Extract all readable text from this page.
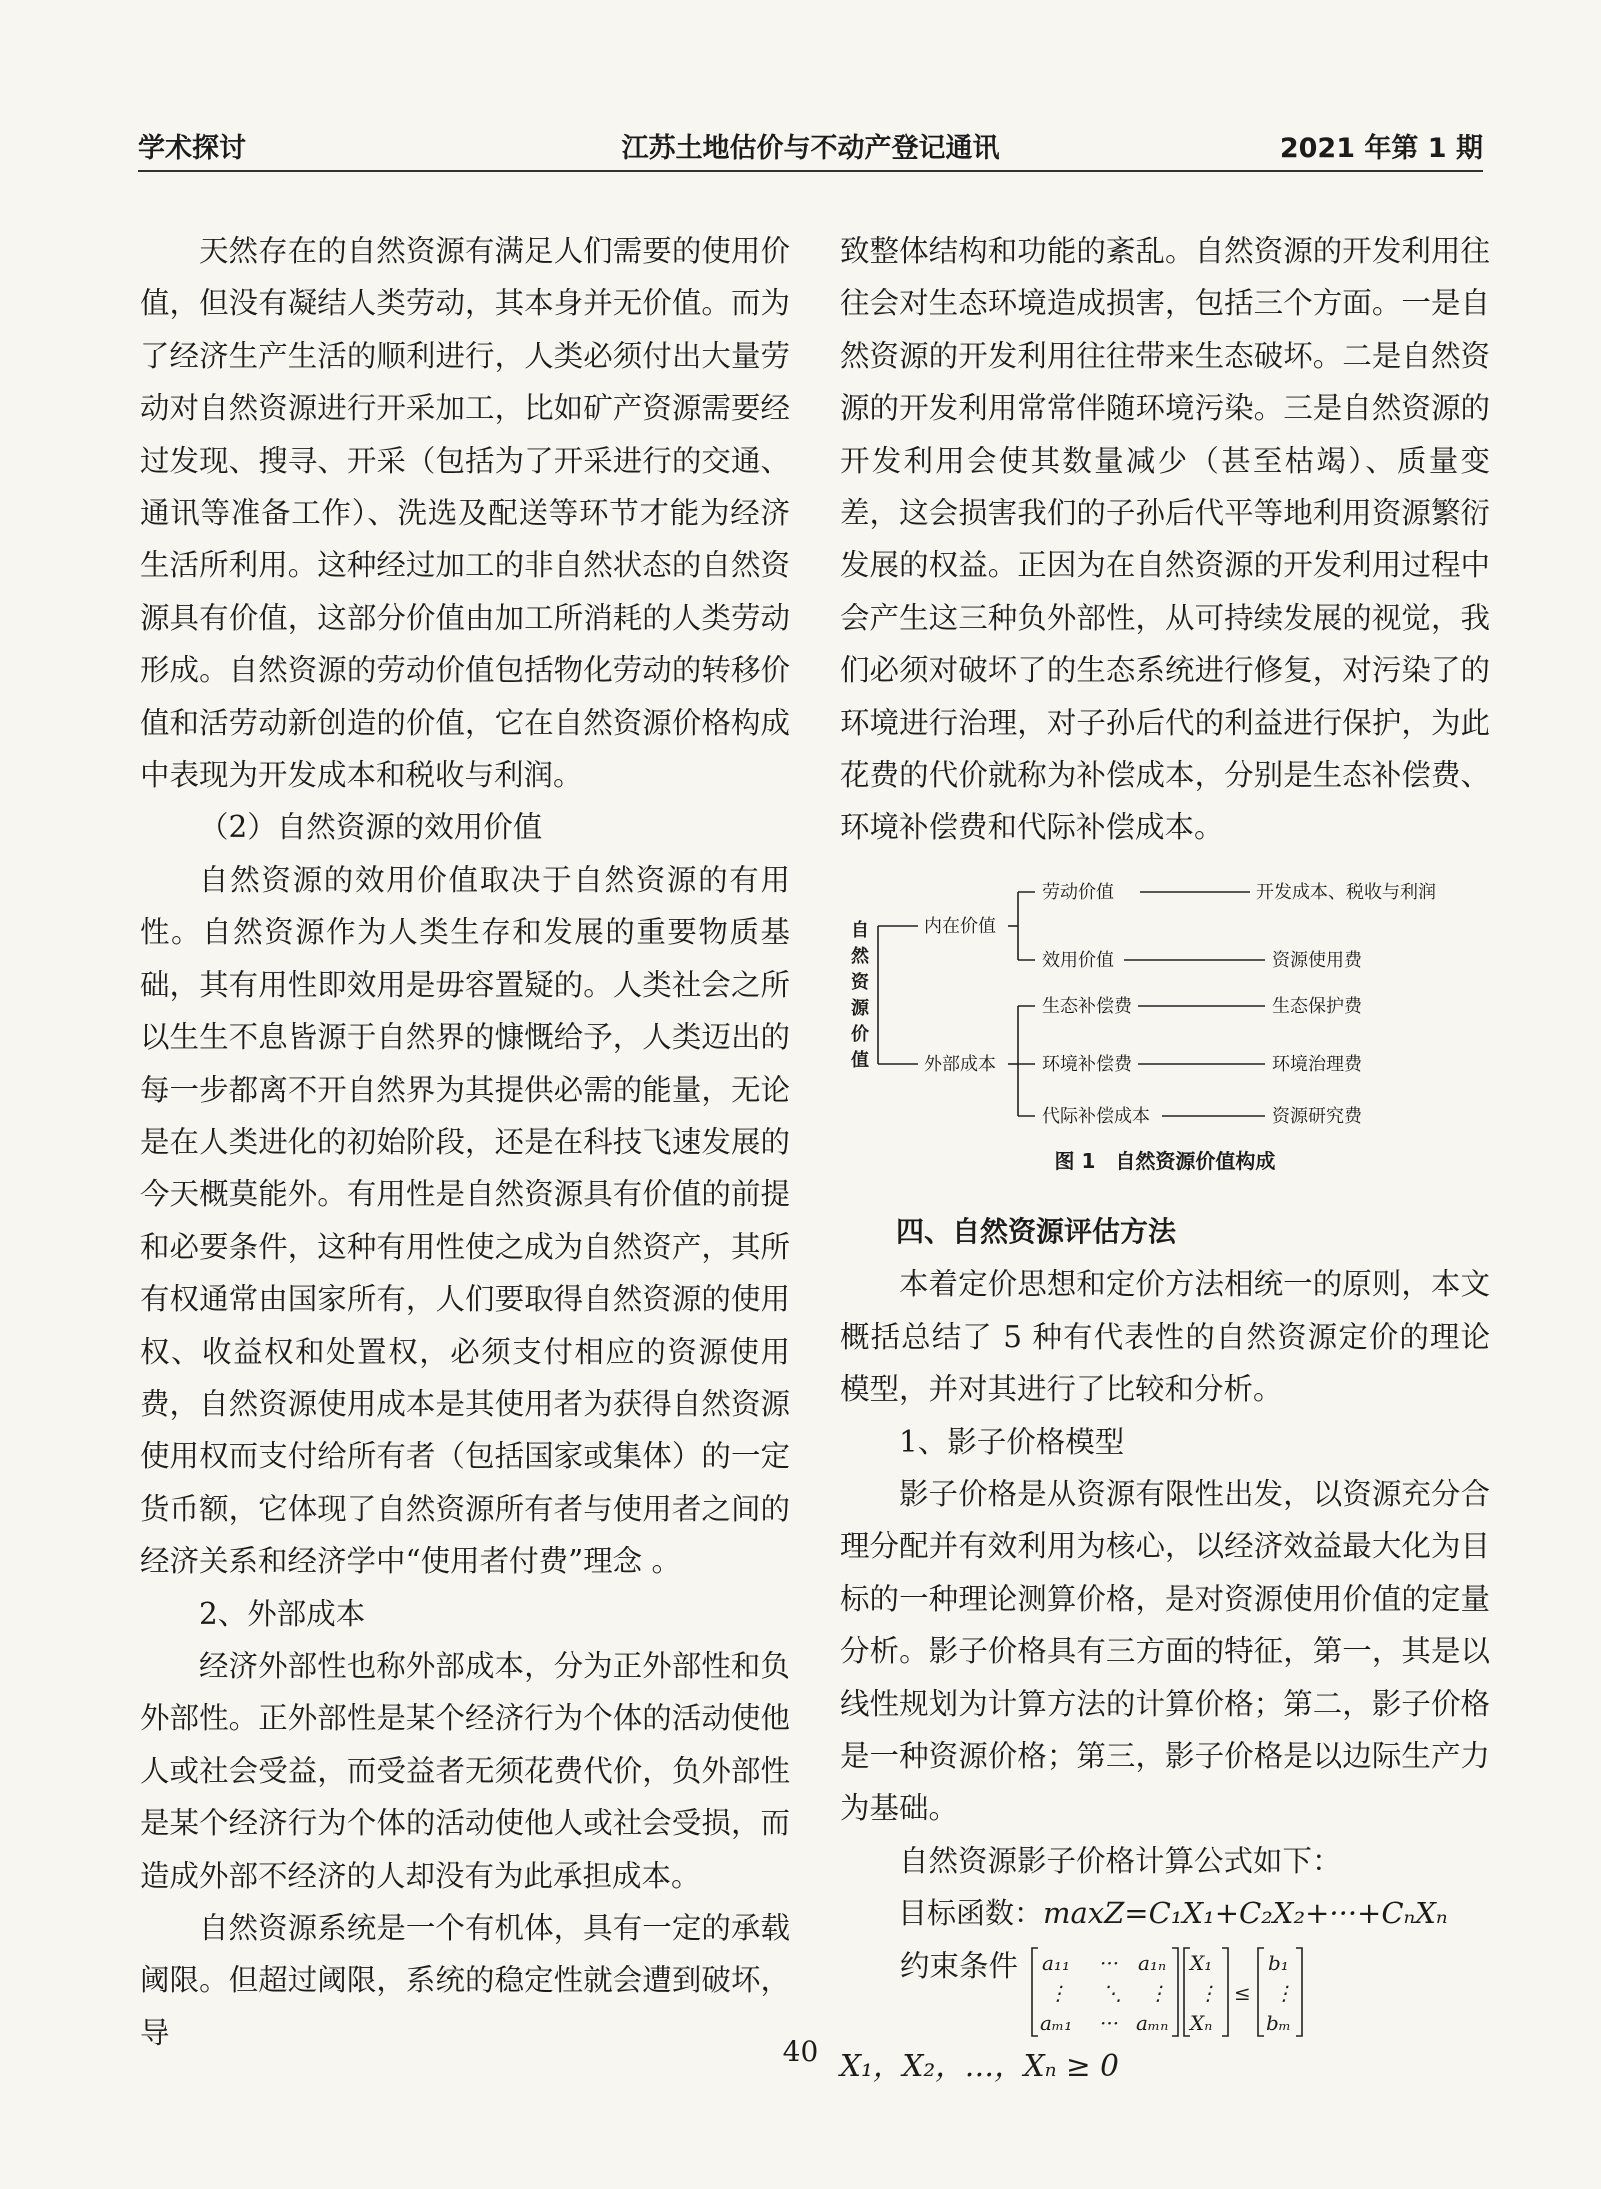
学术探讨	江苏土地估价与不动产登记通讯	2021 年第 1 期

天然存在的自然资源有满足人们需要的使用价值，但没有凝结人类劳动，其本身并无价值。而为了经济生产生活的顺利进行，人类必须付出大量劳动对自然资源进行开采加工，比如矿产资源需要经过发现、搜寻、开采（包括为了开采进行的交通、通讯等准备工作）、洗选及配送等环节才能为经济生活所利用。这种经过加工的非自然状态的自然资源具有价值，这部分价值由加工所消耗的人类劳动形成。自然资源的劳动价值包括物化劳动的转移价值和活劳动新创造的价值，它在自然资源价格构成中表现为开发成本和税收与利润。

（2）自然资源的效用价值

自然资源的效用价值取决于自然资源的有用性。自然资源作为人类生存和发展的重要物质基础，其有用性即效用是毋容置疑的。人类社会之所以生生不息皆源于自然界的慷慨给予，人类迈出的每一步都离不开自然界为其提供必需的能量，无论是在人类进化的初始阶段，还是在科技飞速发展的今天概莫能外。有用性是自然资源具有价值的前提和必要条件，这种有用性使之成为自然资产，其所有权通常由国家所有，人们要取得自然资源的使用权、收益权和处置权，必须支付相应的资源使用费，自然资源使用成本是其使用者为获得自然资源使用权而支付给所有者（包括国家或集体）的一定货币额，它体现了自然资源所有者与使用者之间的经济关系和经济学中“使用者付费”理念 。

2、外部成本

经济外部性也称外部成本，分为正外部性和负外部性。正外部性是某个经济行为个体的活动使他人或社会受益，而受益者无须花费代价，负外部性是某个经济行为个体的活动使他人或社会受损，而造成外部不经济的人却没有为此承担成本。

自然资源系统是一个有机体，具有一定的承载阈限。但超过阈限，系统的稳定性就会遭到破坏，导

致整体结构和功能的紊乱。自然资源的开发利用往往会对生态环境造成损害，包括三个方面。一是自然资源的开发利用往往带来生态破坏。二是自然资源的开发利用常常伴随环境污染。三是自然资源的开发利用会使其数量减少（甚至枯竭）、质量变差，这会损害我们的子孙后代平等地利用资源繁衍发展的权益。正因为在自然资源的开发利用过程中会产生这三种负外部性，从可持续发展的视觉，我们必须对破坏了的生态系统进行修复，对污染了的环境进行治理，对子孙后代的利益进行保护，为此花费的代价就称为补偿成本，分别是生态补偿费、环境补偿费和代际补偿成本。

自
然
资
源
价
值
内在价值
外部成本
劳动价值
效用价值
生态补偿费
环境补偿费
代际补偿成本
开发成本、税收与利润
资源使用费
生态保护费
环境治理费
资源研究费
图 1　自然资源价值构成

四、自然资源评估方法

本着定价思想和定价方法相统一的原则，本文概括总结了 5 种有代表性的自然资源定价的理论模型，并对其进行了比较和分析。

1、影子价格模型

影子价格是从资源有限性出发，以资源充分合理分配并有效利用为核心，以经济效益最大化为目标的一种理论测算价格，是对资源使用价值的定量分析。影子价格具有三方面的特征，第一，其是以线性规划为计算方法的计算价格；第二，影子价格是一种资源价格；第三，影子价格是以边际生产力为基础。

自然资源影子价格计算公式如下：

目标函数：maxZ=C₁X₁+C₂X₂+···+CₙXₙ

约束条件 a₁₁ ··· a₁ₙ
⋮ ⋱ ⋮
aₘ₁ ··· aₘₙ
X₁
⋮
Xₙ
≤
b₁
⋮
bₘ

X₁，X₂，…，Xₙ ≥ 0

40
